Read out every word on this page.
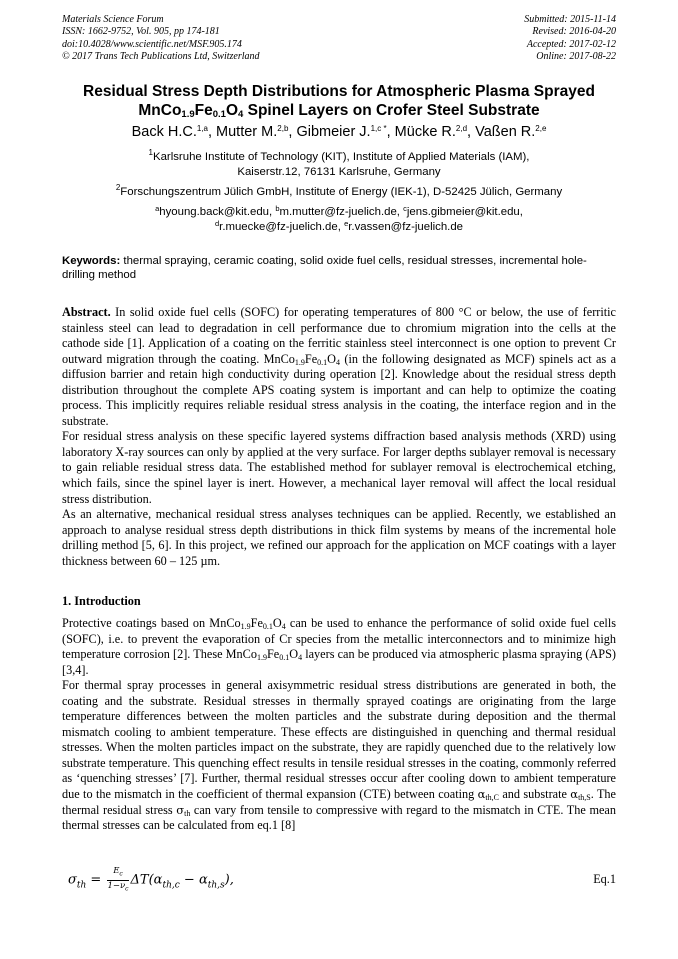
Materials Science Forum
ISSN: 1662-9752, Vol. 905, pp 174-181
doi:10.4028/www.scientific.net/MSF.905.174
© 2017 Trans Tech Publications Ltd, Switzerland
Submitted: 2015-11-14
Revised: 2016-04-20
Accepted: 2017-02-12
Online: 2017-08-22
Residual Stress Depth Distributions for Atmospheric Plasma Sprayed
$MnCo_{1.9}Fe_{0.1}O_4$ Spinel Layers on Crofer Steel Substrate
Back H.C.$^{1,a}$, Mutter M.$^{2,b}$, Gibmeier J.$^{1,c *}$, Mücke R.$^{2,d}$, Vaßen R.$^{2,e}$
$^1$Karlsruhe Institute of Technology (KIT), Institute of Applied Materials (IAM),
Kaiserstr.12, 76131 Karlsruhe, Germany
$^2$Forschungszentrum Jülich GmbH, Institute of Energy (IEK-1), D-52425 Jülich, Germany
$^a$hyoung.back@kit.edu, $^b$m.mutter@fz-juelich.de, $^c$jens.gibmeier@kit.edu,
$^d$r.muecke@fz-juelich.de, $^e$r.vassen@fz-juelich.de
Keywords: thermal spraying, ceramic coating, solid oxide fuel cells, residual stresses, incremental hole-drilling method

Abstract. In solid oxide fuel cells (SOFC) for operating temperatures of 800 °C or below, the use of ferritic stainless steel can lead to degradation in cell performance due to chromium migration into the cells at the cathode side [1]. Application of a coating on the ferritic stainless steel interconnect is one option to prevent Cr outward migration through the coating. $MnCo_{1.9}Fe_{0.1}O_4$ (in the following designated as MCF) spinels act as a diffusion barrier and retain high conductivity during operation [2]. Knowledge about the residual stress depth distribution throughout the complete APS coating system is important and can help to optimize the coating process. This implicitly requires reliable residual stress analysis in the coating, the interface region and in the substrate.

For residual stress analysis on these specific layered systems diffraction based analysis methods (XRD) using laboratory X-ray sources can only by applied at the very surface. For larger depths sublayer removal is necessary to gain reliable residual stress data. The established method for sublayer removal is electrochemical etching, which fails, since the spinel layer is inert. However, a mechanical layer removal will affect the local residual stress distribution.

As an alternative, mechanical residual stress analyses techniques can be applied. Recently, we established an approach to analyse residual stress depth distributions in thick film systems by means of the incremental hole drilling method [5, 6]. In this project, we refined our approach for the application on MCF coatings with a layer thickness between 60 – 125 µm.

1. Introduction

Protective coatings based on $MnCo_{1.9}Fe_{0.1}O_4$ can be used to enhance the performance of solid oxide fuel cells (SOFC), i.e. to prevent the evaporation of Cr species from the metallic interconnectors and to minimize high temperature corrosion [2]. These $MnCo_{1.9}Fe_{0.1}O_4$ layers can be produced via atmospheric plasma spraying (APS) [3,4].

For thermal spray processes in general axisymmetric residual stress distributions are generated in both, the coating and the substrate. Residual stresses in thermally sprayed coatings are originating from the large temperature differences between the molten particles and the substrate during deposition and the thermal mismatch cooling to ambient temperature. These effects are distinguished in quenching and thermal residual stresses. When the molten particles impact on the substrate, they are rapidly quenched due to the relatively low substrate temperature. This quenching effect results in tensile residual stresses in the coating, commonly referred as ‘quenching stresses’ [7]. Further, thermal residual stresses occur after cooling down to ambient temperature due to the mismatch in the coefficient of thermal expansion (CTE) between coating $\alpha_{th,C}$ and substrate $\alpha_{th,S}$. The thermal residual stress $\sigma_{th}$ can vary from tensile to compressive with regard to the mismatch in CTE. The mean thermal stresses can be calculated from eq.1 [8]

$\sigma_{th} = \frac{E_c}{1-\nu_c} \Delta T(\alpha_{th,c} - \alpha_{th,s})$,	Eq.1
